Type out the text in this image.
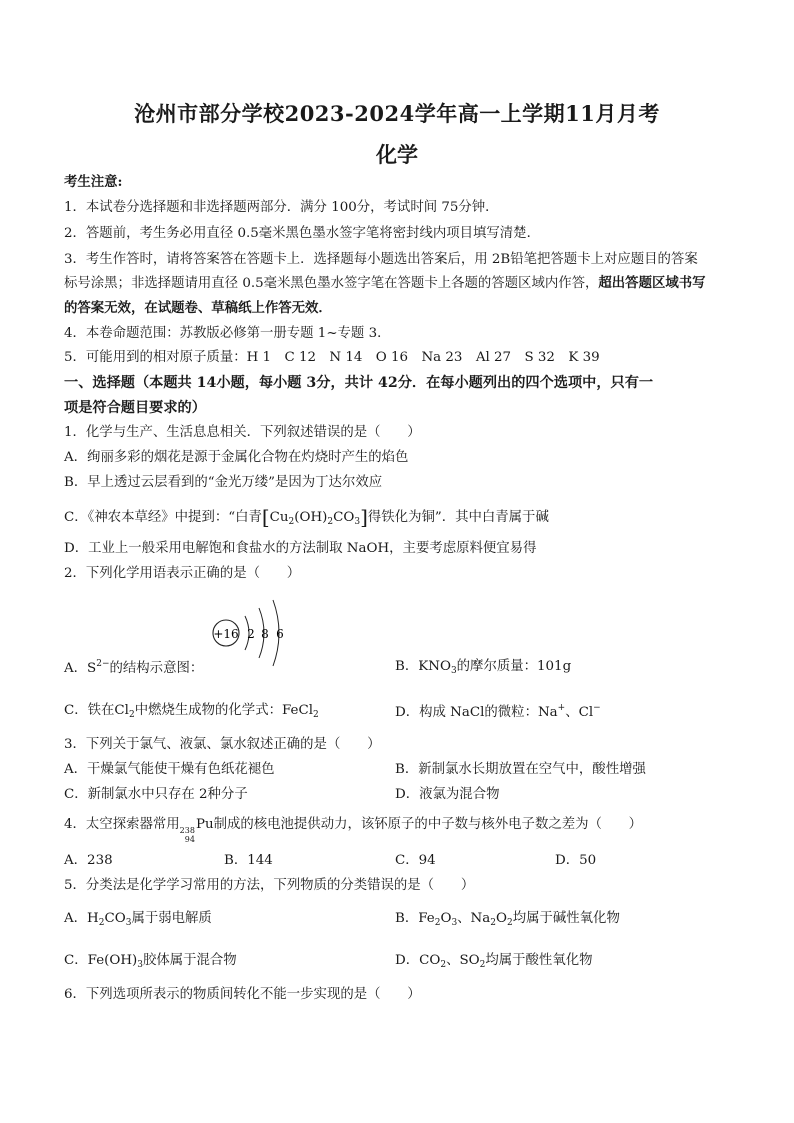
沧州市部分学校2023-2024学年高一上学期11月月考
化学
考生注意:
1．本试卷分选择题和非选择题两部分．满分 100分，考试时间 75分钟．
2．答题前，考生务必用直径 0.5毫米黑色墨水签字笔将密封线内项目填写清楚．
3．考生作答时，请将答案答在答题卡上．选择题每小题选出答案后，用 2B铅笔把答题卡上对应题目的答案
标号涂黑；非选择题请用直径 0.5毫米黑色墨水签字笔在答题卡上各题的答题区域内作答，超出答题区域书写
的答案无效，在试题卷、草稿纸上作答无效．
4．本卷命题范围：苏教版必修第一册专题 1~专题 3．
5．可能用到的相对原子质量：H 1　C 12　N 14　O 16　Na 23　Al 27　S 32　K 39
一、选择题（本题共 14小题，每小题 3分，共计 42分．在每小题列出的四个选项中，只有一
项是符合题目要求的）
1．化学与生产、生活息息相关．下列叙述错误的是（　　）
A．绚丽多彩的烟花是源于金属化合物在灼烧时产生的焰色
B．早上透过云层看到的“金光万缕”是因为丁达尔效应
C．《神农本草经》中提到：“白青$[Cu_2(OH)_2CO_3]$得铁化为铜”．其中白青属于碱
D．工业上一般采用电解饱和食盐水的方法制取 NaOH，主要考虑原料便宜易得
2．下列化学用语表示正确的是（　　）
+16 2 8 6
A．$S^{2-}$的结构示意图：	B．$KNO_3$的摩尔质量：101g
C．铁在$Cl_2$中燃烧生成物的化学式：FeCl$_2$	D．构成 NaCl的微粒：Na+、Cl−
3．下列关于氯气、液氯、氯水叙述正确的是（　　）
A．干燥氯气能使干燥有色纸花褪色	B．新制氯水长期放置在空气中，酸性增强
C．新制氯水中只存在 2种分子	D．液氯为混合物
4．太空探索器常用 238
94
Pu制成的核电池提供动力，该钚原子的中子数与核外电子数之差为（　　）
A．238	B．144	C．94	D．50
5．分类法是化学学习常用的方法，下列物质的分类错误的是（　　）
A．$H_2CO_3$属于弱电解质	B．$Fe_2O_3$、$Na_2O_2$均属于碱性氧化物
C．$Fe(OH)_3$胶体属于混合物	D．$CO_2$、$SO_2$均属于酸性氧化物
6．下列选项所表示的物质间转化不能一步实现的是（　　）
